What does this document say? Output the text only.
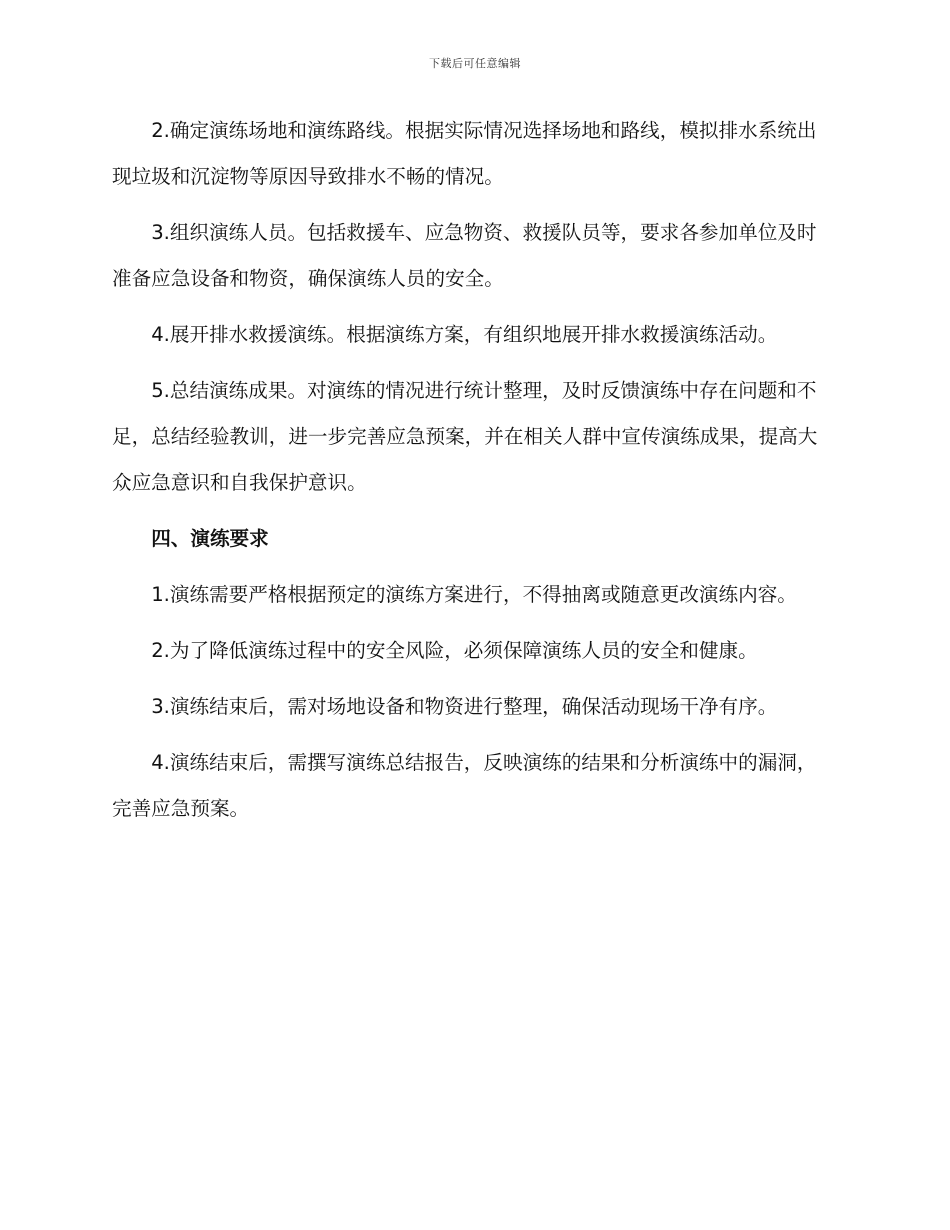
下载后可任意编辑

2.确定演练场地和演练路线。根据实际情况选择场地和路线，模拟排水系统出现垃圾和沉淀物等原因导致排水不畅的情况。

3.组织演练人员。包括救援车、应急物资、救援队员等，要求各参加单位及时准备应急设备和物资，确保演练人员的安全。

4.展开排水救援演练。根据演练方案，有组织地展开排水救援演练活动。

5.总结演练成果。对演练的情况进行统计整理，及时反馈演练中存在问题和不足，总结经验教训，进一步完善应急预案，并在相关人群中宣传演练成果，提高大众应急意识和自我保护意识。

四、演练要求

1.演练需要严格根据预定的演练方案进行，不得抽离或随意更改演练内容。

2.为了降低演练过程中的安全风险，必须保障演练人员的安全和健康。

3.演练结束后，需对场地设备和物资进行整理，确保活动现场干净有序。

4.演练结束后，需撰写演练总结报告，反映演练的结果和分析演练中的漏洞，完善应急预案。
